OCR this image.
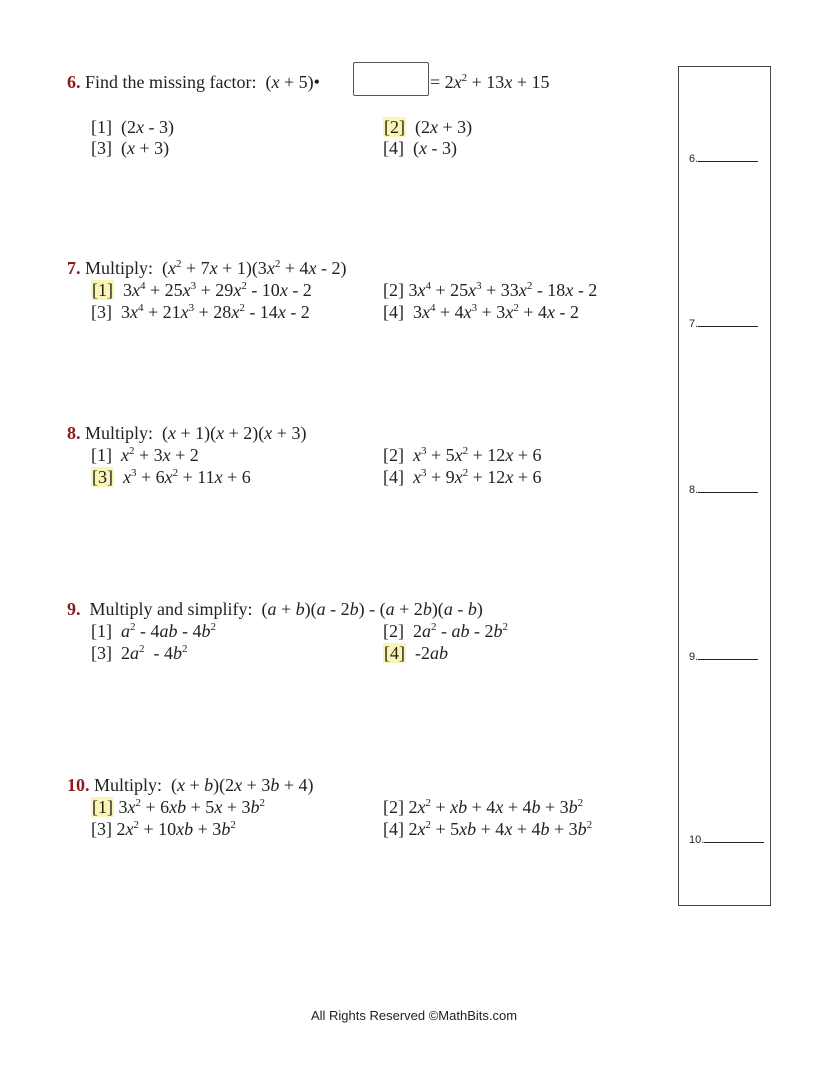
6. Find the missing factor:  (x + 5)•	= $2x^2 + 13x + 15$
[1]  (2x - 3)	[2]  (2x + 3)
[3]  (x + 3)	[4]  (x - 3)
7. Multiply:  $(x^2 + 7x + 1)(3x^2 + 4x - 2)$
[1]  $3x^4 + 25x^3 + 29x^2 - 10x - 2$	[2] $3x^4 + 25x^3 + 33x^2 - 18x - 2$
[3]  $3x^4 + 21x^3 + 28x^2 - 14x - 2$	[4]  $3x^4 + 4x^3 + 3x^2 + 4x - 2$
8. Multiply:  (x + 1)(x + 2)(x + 3)
[1]  $x^2 + 3x + 2$	[2]  $x^3 + 5x^2 + 12x + 6$
[3] $x^3 + 6x^2 + 11x + 6$	[4]  $x^3 + 9x^2 + 12x + 6$
9. Multiply and simplify:  (a + b)(a - 2b) - (a + 2b)(a - b)
[1]  $a^2 - 4ab - 4b^2$	[2]  $2a^2$ - ab - $2b^2$
[3]  $2a^2 - 4b^2$	[4]  -2ab
10. Multiply:  (x + b)(2x + 3b + 4)
[1] $3x^2 + 6xb + 5x + 3b^2$	[2] $2x^2$ + xb + $4x + 4b + 3b^2$
[3] $2x^2 + 10xb + 3b^2$	[4] $2x^2 + 5xb + 4x + 4b + 3b^2$
6.
7.
8.
9.
10.
All Rights Reserved ©MathBits.com
